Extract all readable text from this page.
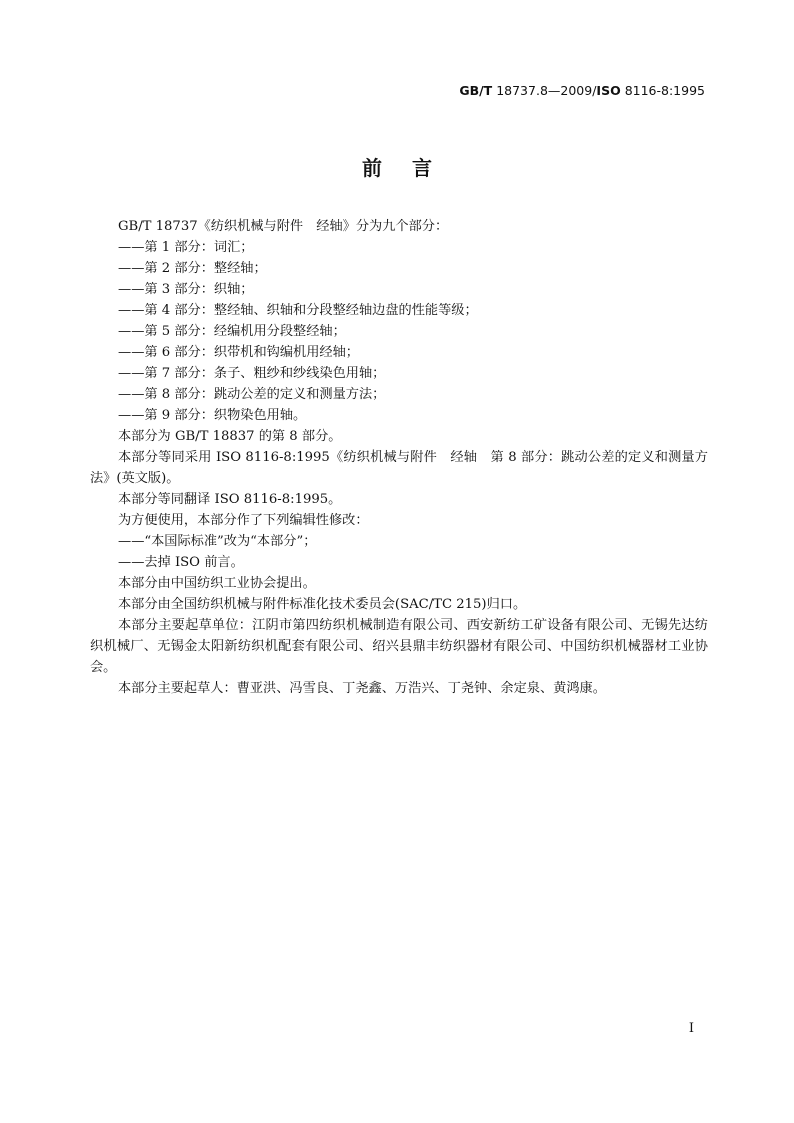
GB/T 18737.8—2009/ISO 8116-8:1995
前 言

GB/T 18737《纺织机械与附件　经轴》分为九个部分：

——第 1 部分：词汇；

——第 2 部分：整经轴；

——第 3 部分：织轴；

——第 4 部分：整经轴、织轴和分段整经轴边盘的性能等级；

——第 5 部分：经编机用分段整经轴；

——第 6 部分：织带机和钩编机用经轴；

——第 7 部分：条子、粗纱和纱线染色用轴；

——第 8 部分：跳动公差的定义和测量方法；

——第 9 部分：织物染色用轴。

本部分为 GB/T 18837 的第 8 部分。

本部分等同采用 ISO 8116-8:1995《纺织机械与附件　经轴　第 8 部分：跳动公差的定义和测量方法》(英文版)。

本部分等同翻译 ISO 8116-8:1995。

为方便使用，本部分作了下列编辑性修改：

——“本国际标准”改为“本部分”；

——去掉 ISO 前言。

本部分由中国纺织工业协会提出。

本部分由全国纺织机械与附件标准化技术委员会(SAC/TC 215)归口。

本部分主要起草单位：江阴市第四纺织机械制造有限公司、西安新纺工矿设备有限公司、无锡先达纺织机械厂、无锡金太阳新纺织机配套有限公司、绍兴县鼎丰纺织器材有限公司、中国纺织机械器材工业协会。

本部分主要起草人：曹亚洪、冯雪良、丁尧鑫、万浩兴、丁尧钟、余定泉、黄鸿康。

I
